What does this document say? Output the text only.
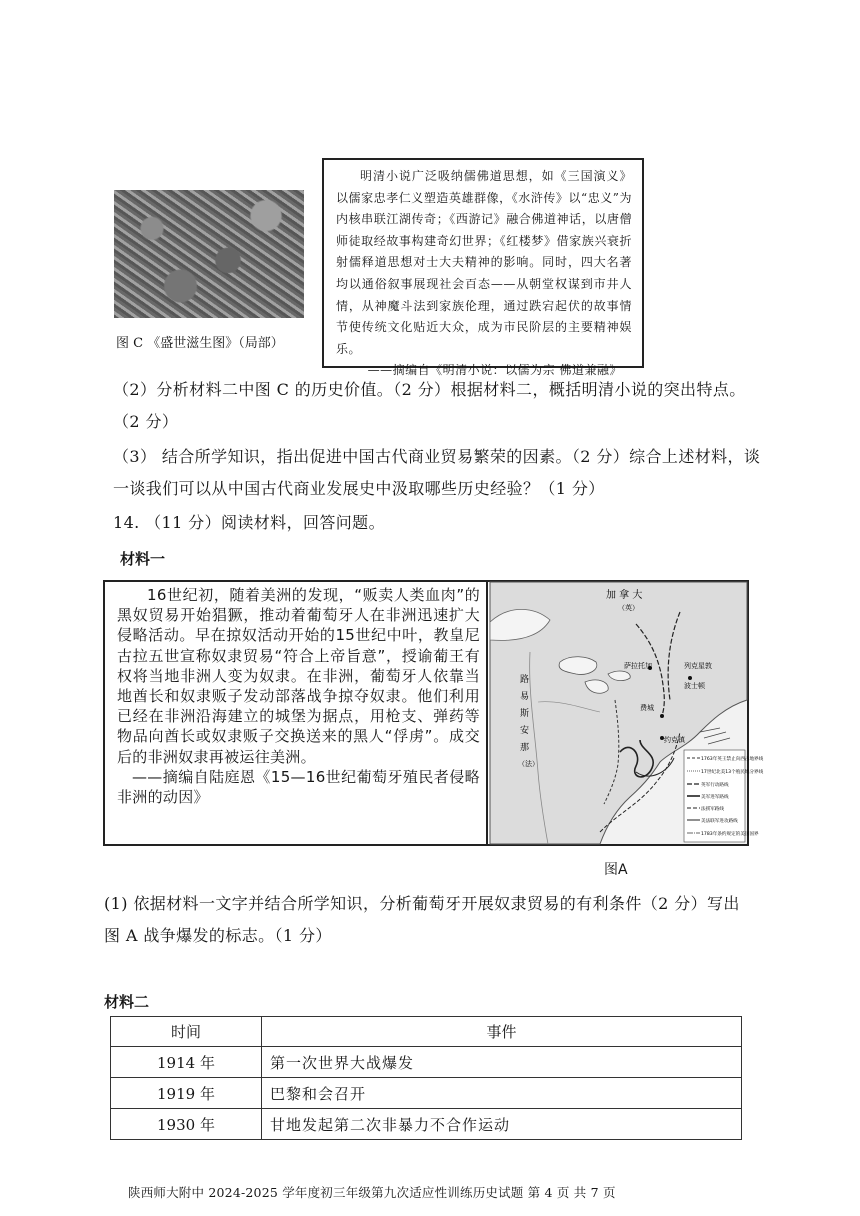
图 C 《盛世滋生图》（局部）
明清小说广泛吸纳儒佛道思想，如《三国演义》以儒家忠孝仁义塑造英雄群像，《水浒传》以“忠义”为内核串联江湖传奇；《西游记》融合佛道神话，以唐僧师徒取经故事构建奇幻世界；《红楼梦》借家族兴衰折射儒释道思想对士大夫精神的影响。同时，四大名著均以通俗叙事展现社会百态——从朝堂权谋到市井人情，从神魔斗法到家族伦理，通过跌宕起伏的故事情节使传统文化贴近大众，成为市民阶层的主要精神娱乐。
——摘编自《明清小说：以儒为宗 佛道兼融》
（2）分析材料二中图 C 的历史价值。（2 分）根据材料二，概括明清小说的突出特点。（2 分）
（3） 结合所学知识，指出促进中国古代商业贸易繁荣的因素。（2 分）综合上述材料，谈一谈我们可以从中国古代商业发展史中汲取哪些历史经验？（1 分）
14. （11 分）阅读材料，回答问题。
材料一
16世纪初，随着美洲的发现，“贩卖人类血肉”的黑奴贸易开始猖獗，推动着葡萄牙人在非洲迅速扩大侵略活动。早在掠奴活动开始的15世纪中叶，教皇尼古拉五世宣称奴隶贸易“符合上帝旨意”，授谕葡王有权将当地非洲人变为奴隶。在非洲，葡萄牙人依靠当地酋长和奴隶贩子发动部落战争掠夺奴隶。他们利用已经在非洲沿海建立的城堡为据点，用枪支、弹药等物品向酋长或奴隶贩子交换送来的黑人“俘虏”。成交后的非洲奴隶再被运往美洲。
——摘编自陆庭恩《15—16世纪葡萄牙殖民者侵略非洲的动因》
加 拿 大
（英）
路
易
斯
安
那
（法）
萨拉托加	列克星敦
波士顿
费城
约克镇
1763年英王禁止向西占地界线
17世纪北美13个殖民地分界线
英军行动路线
美军进军路线
法援军路线
美法联军进攻路线
1783年条约规定的美国国界
图A
(1) 依据材料一文字并结合所学知识，分析葡萄牙开展奴隶贸易的有利条件（2 分）写出图 A 战争爆发的标志。（1 分）
材料二
时间	事件
1914 年	第一次世界大战爆发
1919 年	巴黎和会召开
1930 年	甘地发起第二次非暴力不合作运动
陕西师大附中 2024-2025 学年度初三年级第九次适应性训练历史试题 第 4 页 共 7 页
